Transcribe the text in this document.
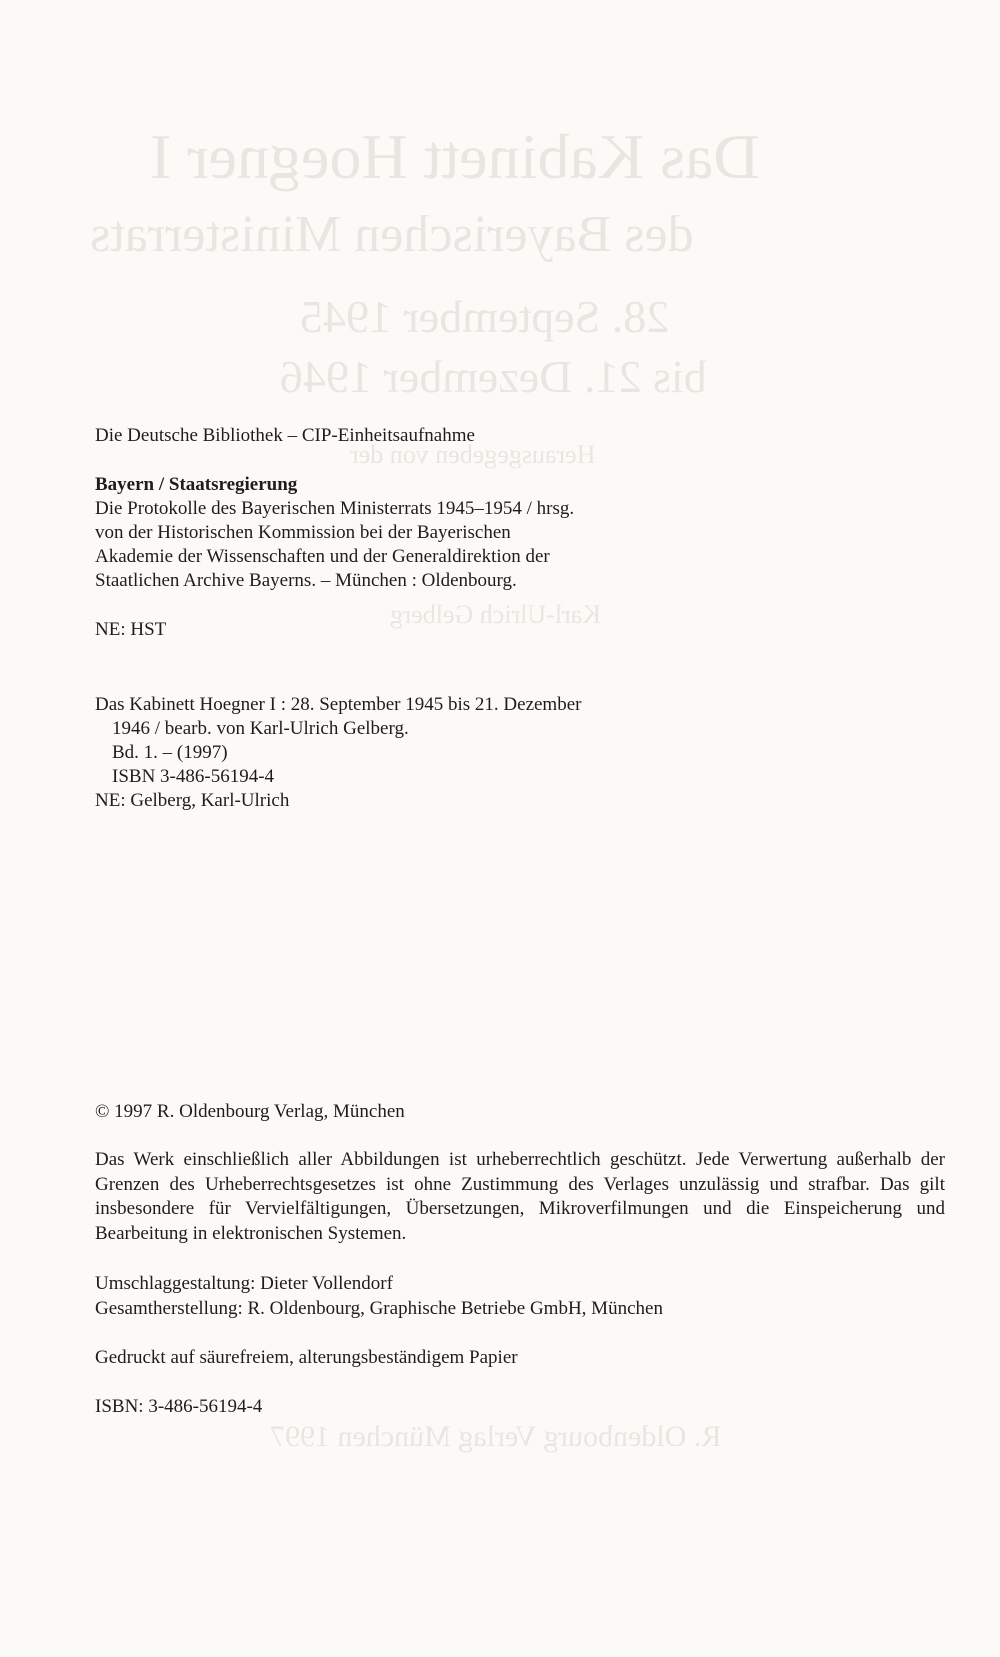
Das Kabinett Hoegner I
des Bayerischen Ministerrats
28. September 1945
bis 21. Dezember 1946
Herausgegeben von der
Karl-Ulrich Gelberg
R. Oldenbourg Verlag München 1997
Die Deutsche Bibliothek – CIP-Einheitsaufnahme
Bayern / Staatsregierung
Die Protokolle des Bayerischen Ministerrats 1945–1954 / hrsg.
von der Historischen Kommission bei der Bayerischen
Akademie der Wissenschaften und der Generaldirektion der
Staatlichen Archive Bayerns. – München : Oldenbourg.
NE: HST
Das Kabinett Hoegner I : 28. September 1945 bis 21. Dezember
1946 / bearb. von Karl-Ulrich Gelberg.
Bd. 1. – (1997)
ISBN 3-486-56194-4
NE: Gelberg, Karl-Ulrich
© 1997 R. Oldenbourg Verlag, München
Das Werk einschließlich aller Abbildungen ist urheberrechtlich geschützt. Jede Verwertung außerhalb der Grenzen des Urheberrechtsgesetzes ist ohne Zustimmung des Verlages unzulässig und strafbar. Das gilt insbesondere für Vervielfältigungen, Übersetzungen, Mikroverfilmungen und die Einspeicherung und Bearbeitung in elektronischen Systemen.
Umschlaggestaltung: Dieter Vollendorf
Gesamtherstellung: R. Oldenbourg, Graphische Betriebe GmbH, München
Gedruckt auf säurefreiem, alterungsbeständigem Papier
ISBN: 3-486-56194-4
